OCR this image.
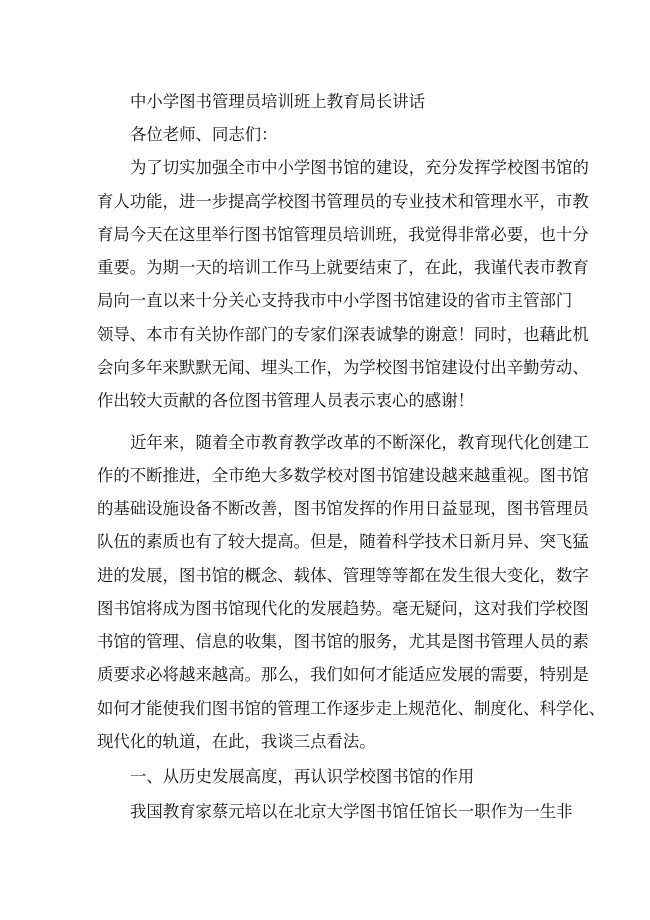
中小学图书管理员培训班上教育局长讲话
各位老师、同志们：
为了切实加强全市中小学图书馆的建设，充分发挥学校图书馆的
育人功能，进一步提高学校图书管理员的专业技术和管理水平，市教
育局今天在这里举行图书馆管理员培训班，我觉得非常必要，也十分
重要。为期一天的培训工作马上就要结束了，在此，我谨代表市教育
局向一直以来十分关心支持我市中小学图书馆建设的省市主管部门
领导、本市有关协作部门的专家们深表诚挚的谢意！同时，也藉此机
会向多年来默默无闻、埋头工作，为学校图书馆建设付出辛勤劳动、
作出较大贡献的各位图书管理人员表示衷心的感谢！
近年来，随着全市教育教学改革的不断深化，教育现代化创建工
作的不断推进，全市绝大多数学校对图书馆建设越来越重视。图书馆
的基础设施设备不断改善，图书馆发挥的作用日益显现，图书管理员
队伍的素质也有了较大提高。但是，随着科学技术日新月异、突飞猛
进的发展，图书馆的概念、载体、管理等等都在发生很大变化，数字
图书馆将成为图书馆现代化的发展趋势。毫无疑问，这对我们学校图
书馆的管理、信息的收集，图书馆的服务，尤其是图书管理人员的素
质要求必将越来越高。那么，我们如何才能适应发展的需要，特别是
如何才能使我们图书馆的管理工作逐步走上规范化、制度化、科学化、
现代化的轨道，在此，我谈三点看法。
一、从历史发展高度，再认识学校图书馆的作用
我国教育家蔡元培以在北京大学图书馆任馆长一职作为一生非
